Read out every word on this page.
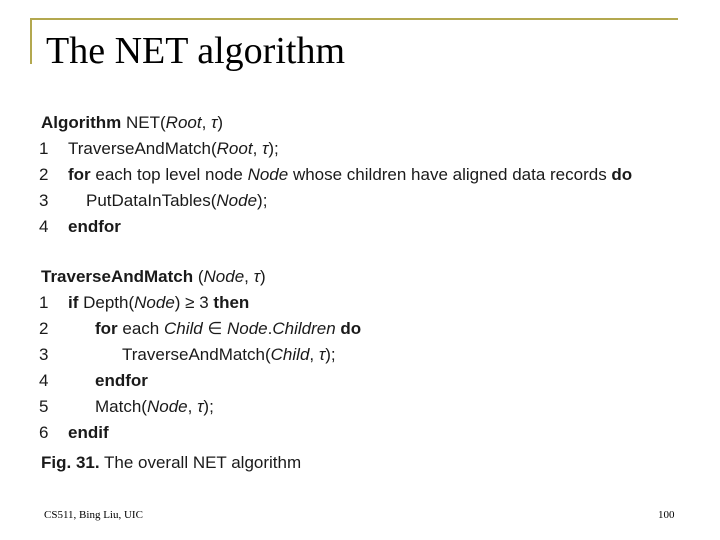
The NET algorithm
Algorithm NET(Root, τ)
1	TraverseAndMatch(Root, τ);
2	for each top level node Node whose children have aligned data records do
3	PutDataInTables(Node);
4	endfor
TraverseAndMatch (Node, τ)
1	if Depth(Node) ≥ 3 then
2	for each Child ∈ Node.Children do
3	TraverseAndMatch(Child, τ);
4	endfor
5	Match(Node, τ);
6	endif
Fig. 31. The overall NET algorithm
CS511, Bing Liu, UIC	100
